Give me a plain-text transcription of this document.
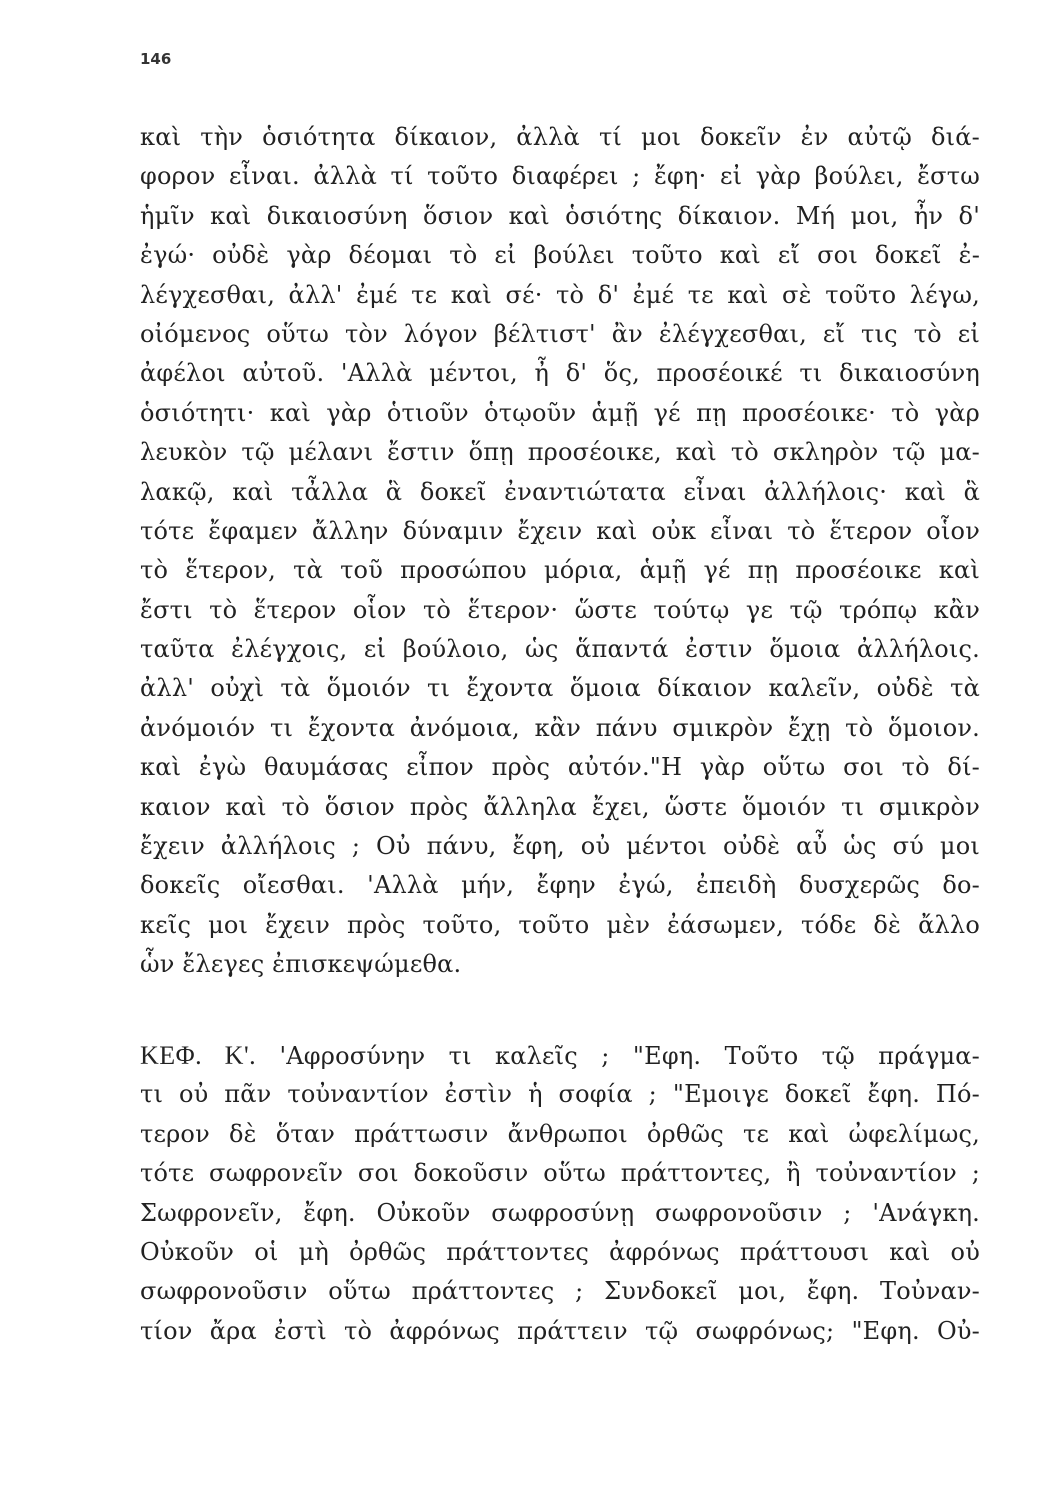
146
καὶ τὴν ὁσιότητα δίκαιον, ἀλλὰ τί μοι δοκεῖν ἐν αὐτῷ διά-
φορον εἶναι. ἀλλὰ τί τοῦτο διαφέρει ; ἔφη· εἰ γὰρ βούλει, ἔστω
ἡμῖν καὶ δικαιοσύνη ὅσιον καὶ ὁσιότης δίκαιον. Μή μοι, ἦν δ'
ἐγώ· οὐδὲ γὰρ δέομαι τὸ εἰ βούλει τοῦτο καὶ εἴ σοι δοκεῖ ἐ-
λέγχεσθαι, ἀλλ' ἐμέ τε καὶ σέ· τὸ δ' ἐμέ τε καὶ σὲ τοῦτο λέγω,
οἰόμενος οὕτω τὸν λόγον βέλτιστ' ἂν ἐλέγχεσθαι, εἴ τις τὸ εἰ
ἀφέλοι αὐτοῦ. 'Αλλὰ μέντοι, ἦ δ' ὅς, προσέοικέ τι δικαιοσύνη
ὁσιότητι· καὶ γὰρ ὁτιοῦν ὁτῳοῦν ἁμῇ γέ πῃ προσέοικε· τὸ γὰρ
λευκὸν τῷ μέλανι ἔστιν ὅπῃ προσέοικε, καὶ τὸ σκληρὸν τῷ μα-
λακῷ, καὶ τἆλλα ἃ δοκεῖ ἐναντιώτατα εἶναι ἀλλήλοις· καὶ ἃ
τότε ἔφαμεν ἄλλην δύναμιν ἔχειν καὶ οὐκ εἶναι τὸ ἕτερον οἷον
τὸ ἕτερον, τὰ τοῦ προσώπου μόρια, ἁμῇ γέ πῃ προσέοικε καὶ
ἔστι τὸ ἕτερον οἷον τὸ ἕτερον· ὥστε τούτῳ γε τῷ τρόπῳ κἂν
ταῦτα ἐλέγχοις, εἰ βούλοιο, ὡς ἅπαντά ἐστιν ὅμοια ἀλλήλοις.
ἀλλ' οὐχὶ τὰ ὅμοιόν τι ἔχοντα ὅμοια δίκαιον καλεῖν, οὐδὲ τὰ
ἀνόμοιόν τι ἔχοντα ἀνόμοια, κἂν πάνυ σμικρὸν ἔχῃ τὸ ὅμοιον.
καὶ ἐγὼ θαυμάσας εἶπον πρὸς αὐτόν."Η γὰρ οὕτω σοι τὸ δί-
καιον καὶ τὸ ὅσιον πρὸς ἄλληλα ἔχει, ὥστε ὅμοιόν τι σμικρὸν
ἔχειν ἀλλήλοις ; Οὐ πάνυ, ἔφη, οὐ μέντοι οὐδὲ αὖ ὡς σύ μοι
δοκεῖς οἴεσθαι. 'Αλλὰ μήν, ἔφην ἐγώ, ἐπειδὴ δυσχερῶς δο-
κεῖς μοι ἔχειν πρὸς τοῦτο, τοῦτο μὲν ἐάσωμεν, τόδε δὲ ἄλλο
ὧν ἔλεγες ἐπισκεψώμεθα.
ΚΕΦ. Κ'. 'Αφροσύνην τι καλεῖς ; "Εφη. Τοῦτο τῷ πράγμα-
τι οὐ πᾶν τοὐναντίον ἐστὶν ἡ σοφία ; "Εμοιγε δοκεῖ ἔφη. Πό-
τερον δὲ ὅταν πράττωσιν ἄνθρωποι ὀρθῶς τε καὶ ὠφελίμως,
τότε σωφρονεῖν σοι δοκοῦσιν οὕτω πράττοντες, ἢ τοὐναντίον ;
Σωφρονεῖν, ἔφη. Οὐκοῦν σωφροσύνῃ σωφρονοῦσιν ; 'Ανάγκη.
Οὐκοῦν οἱ μὴ ὀρθῶς πράττοντες ἀφρόνως πράττουσι καὶ οὐ
σωφρονοῦσιν οὕτω πράττοντες ; Συνδοκεῖ μοι, ἔφη. Τοὐναν-
τίον ἄρα ἐστὶ τὸ ἀφρόνως πράττειν τῷ σωφρόνως; "Εφη. Οὐ-
